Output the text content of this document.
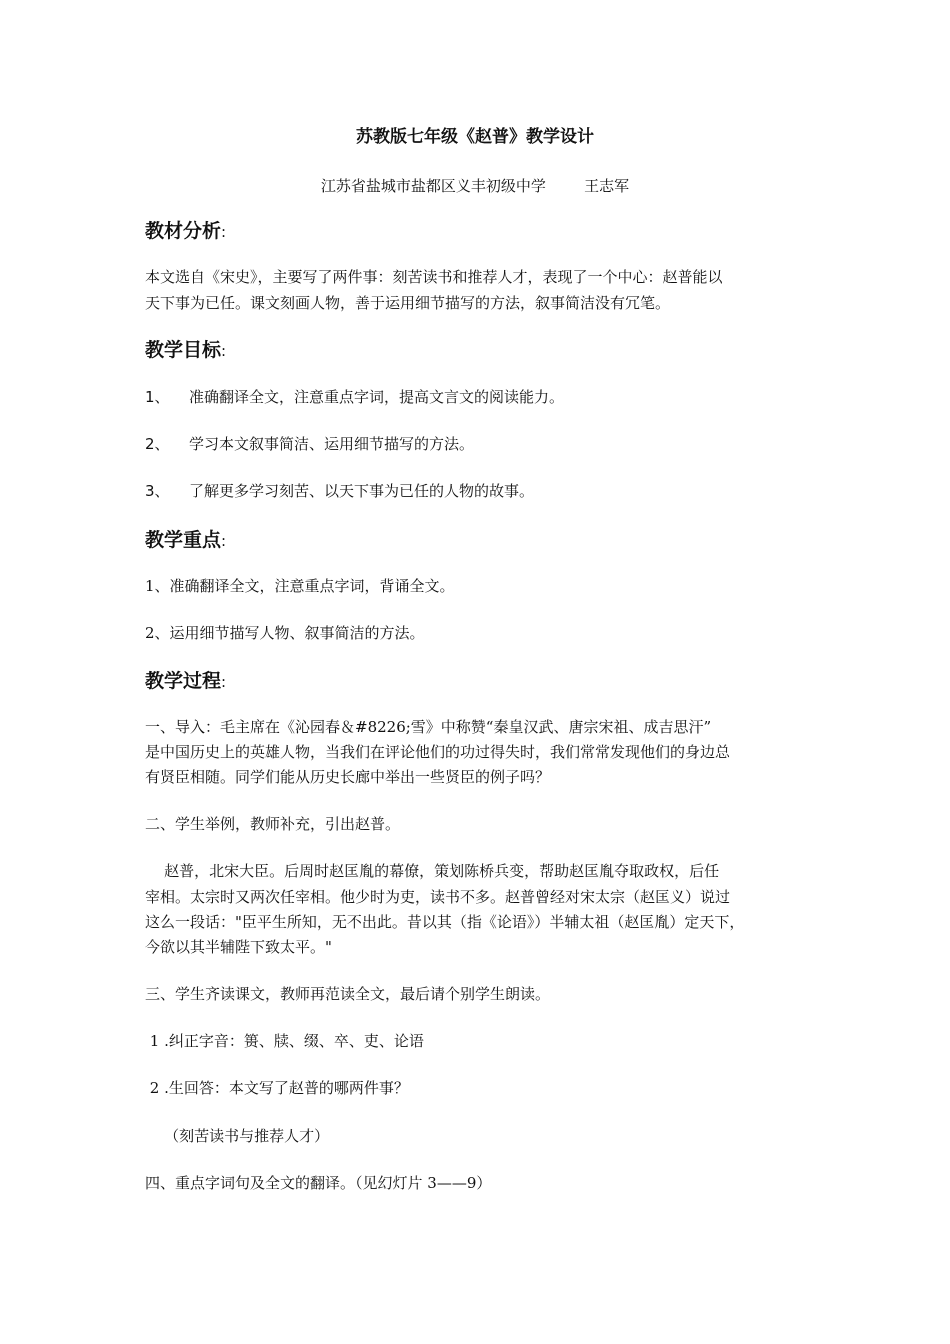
苏教版七年级《赵普》教学设计
江苏省盐城市盐都区义丰初级中学        王志军
教材分析:
本文选自《宋史》，主要写了两件事：刻苦读书和推荐人才，表现了一个中心：赵普能以
天下事为已任。课文刻画人物，善于运用细节描写的方法，叙事简洁没有冗笔。
教学目标:
1、 准确翻译全文，注意重点字词，提高文言文的阅读能力。
2、 学习本文叙事简洁、运用细节描写的方法。
3、 了解更多学习刻苦、以天下事为已任的人物的故事。
教学重点:
1、准确翻译全文，注意重点字词，背诵全文。
2、运用细节描写人物、叙事简洁的方法。
教学过程:
一、导入：毛主席在《沁园春＆#8226;雪》中称赞“秦皇汉武、唐宗宋祖、成吉思汗”
是中国历史上的英雄人物，当我们在评论他们的功过得失时，我们常常发现他们的身边总
有贤臣相随。同学们能从历史长廊中举出一些贤臣的例子吗？
二、学生举例，教师补充，引出赵普。
赵普，北宋大臣。后周时赵匡胤的幕僚，策划陈桥兵变，帮助赵匡胤夺取政权，后任
宰相。太宗时又两次任宰相。他少时为吏，读书不多。赵普曾经对宋太宗（赵匡义）说过
这么一段话："臣平生所知，无不出此。昔以其（指《论语》）半辅太祖（赵匡胤）定天下，
今欲以其半辅陛下致太平。"
三、学生齐读课文，教师再范读全文，最后请个别学生朗读。
1 .纠正字音：篑、牍、缀、卒、吏、论语
2 .生回答：本文写了赵普的哪两件事？
（刻苦读书与推荐人才）
四、重点字词句及全文的翻译。（见幻灯片 3——9）
